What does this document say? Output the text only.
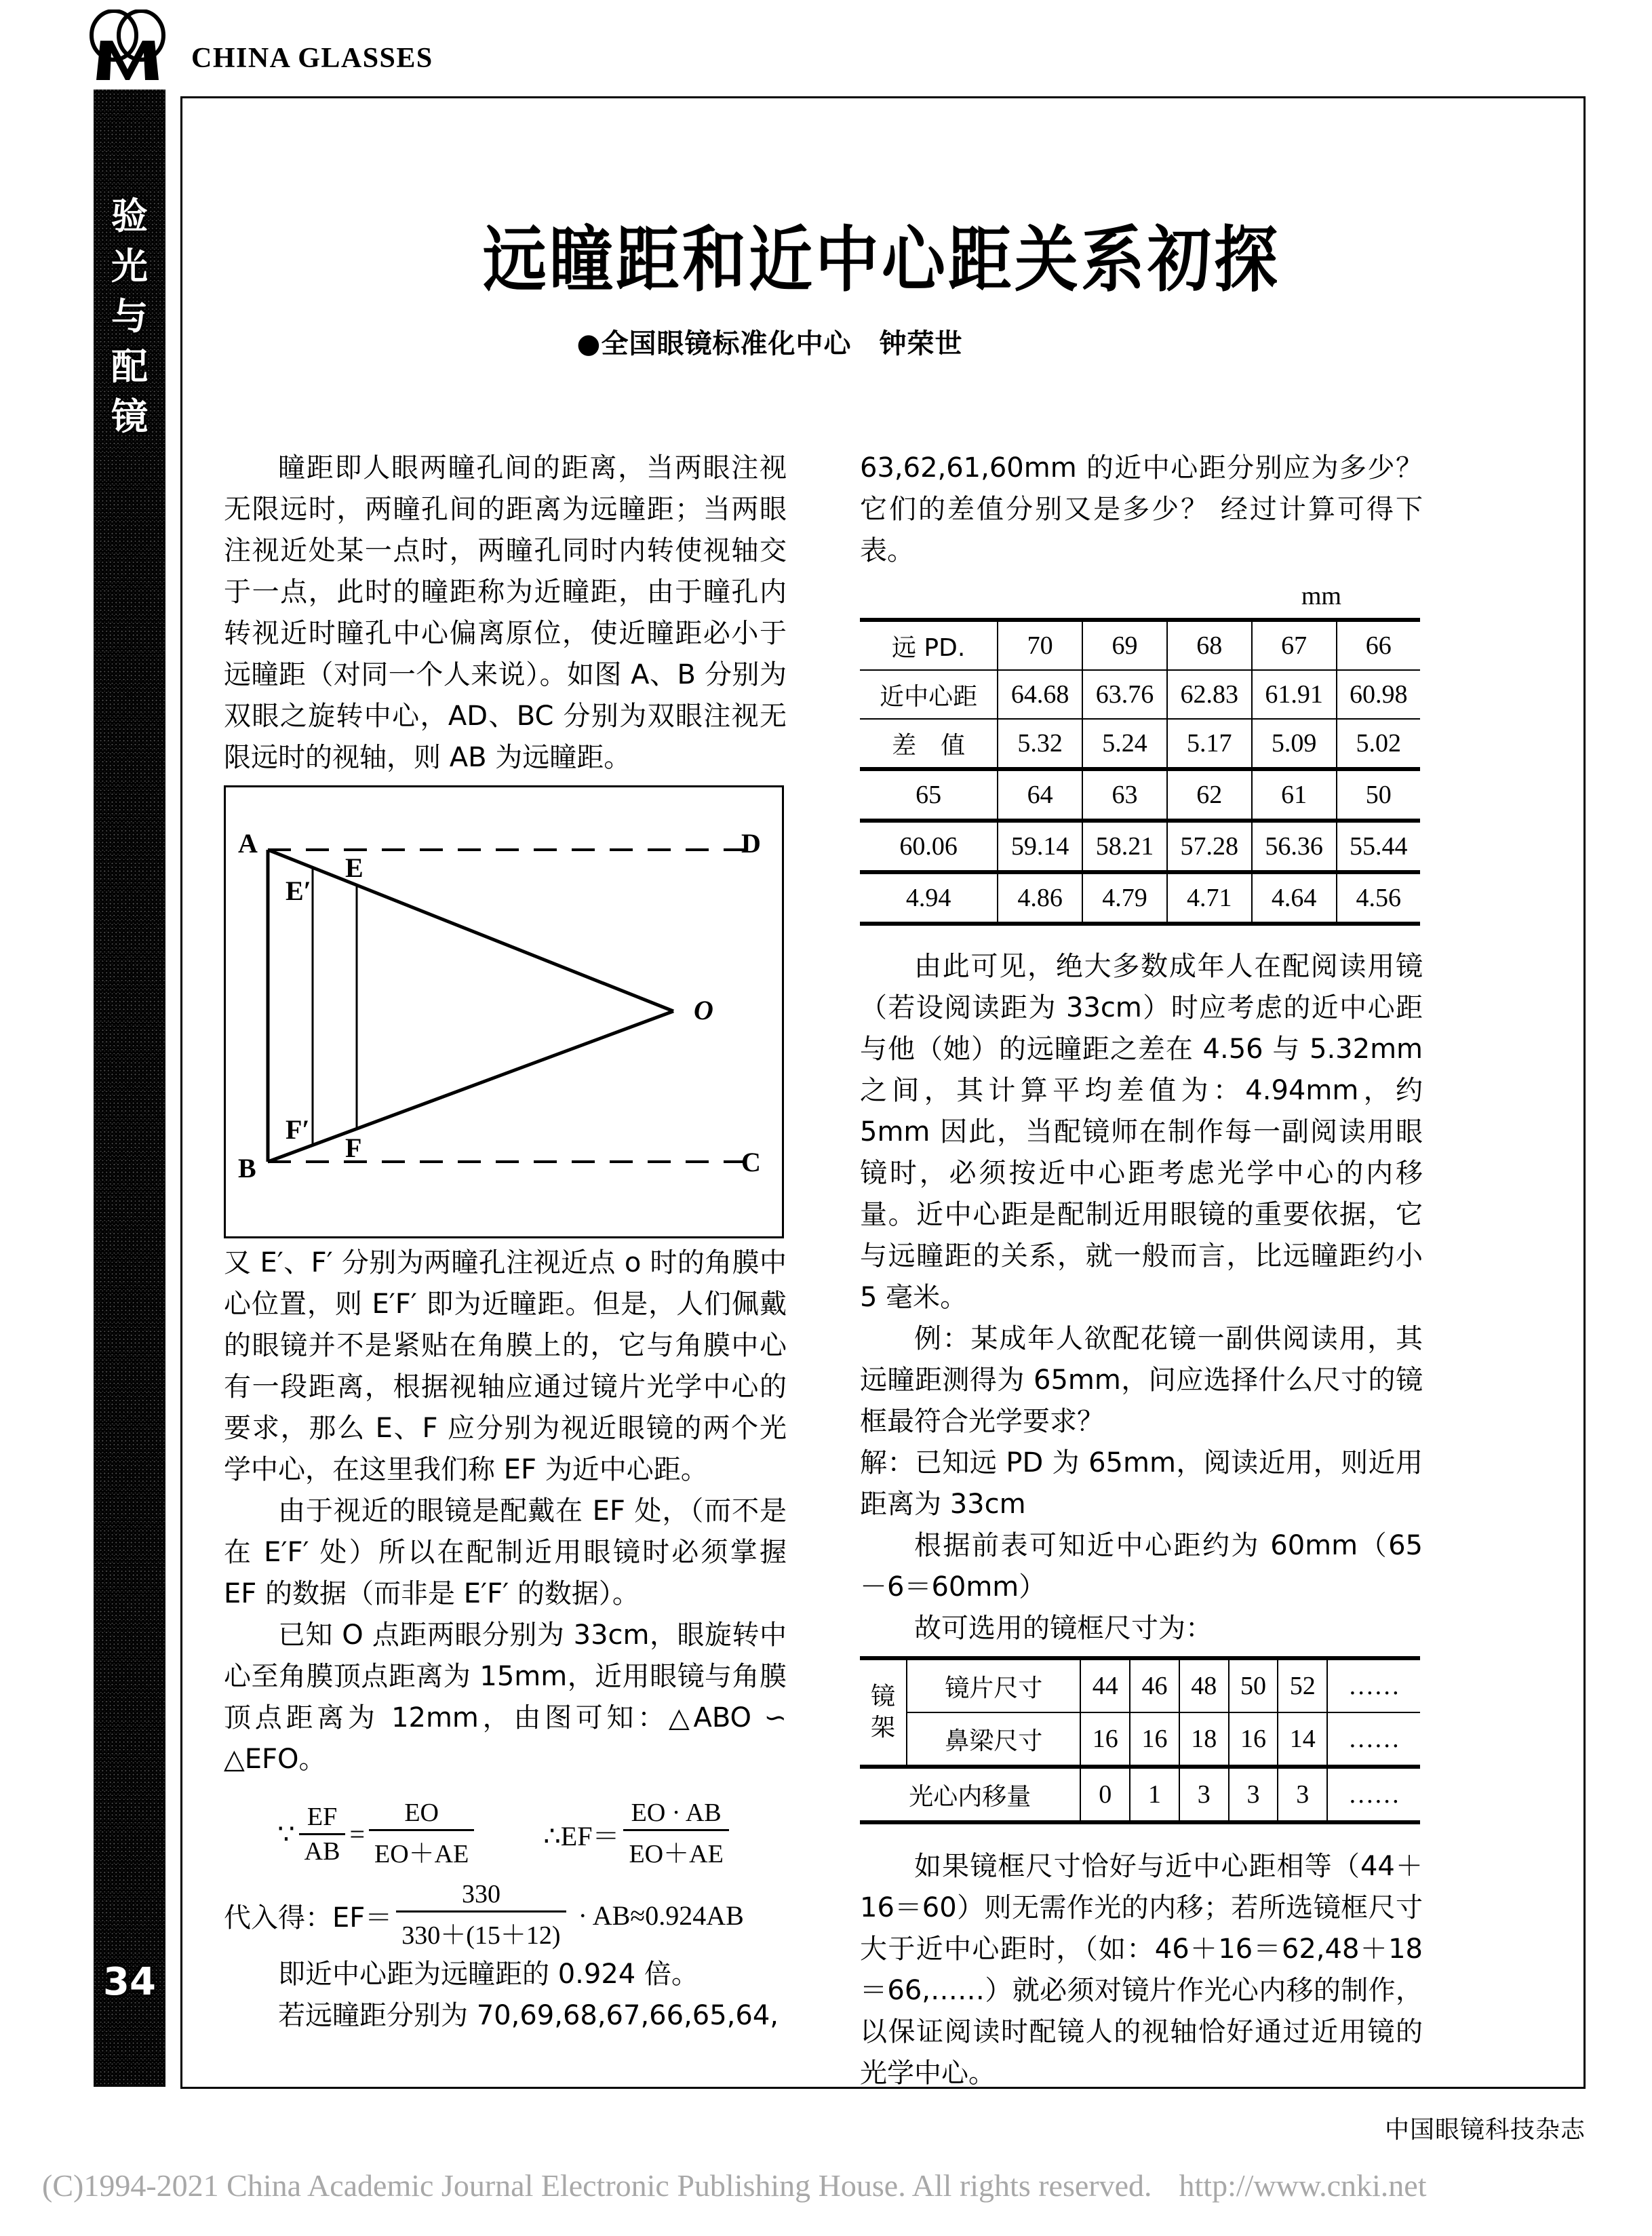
CHINA GLASSES
验
光
与
配
镜
34
远瞳距和近中心距关系初探
●全国眼镜标准化中心　钟荣世

瞳距即人眼两瞳孔间的距离，当两眼注视无限远时，两瞳孔间的距离为远瞳距；当两眼注视近处某一点时，两瞳孔同时内转使视轴交于一点，此时的瞳距称为近瞳距，由于瞳孔内转视近时瞳孔中心偏离原位，使近瞳距必小于远瞳距（对同一个人来说）。如图 A、B 分别为双眼之旋转中心，AD、BC 分别为双眼注视无限远时的视轴，则 AB 为远瞳距。

A
B
D
C
O
E
F
E′
F′

又 E′、F′ 分别为两瞳孔注视近点 o 时的角膜中心位置，则 E′F′ 即为近瞳距。但是，人们佩戴的眼镜并不是紧贴在角膜上的，它与角膜中心有一段距离，根据视轴应通过镜片光学中心的要求，那么 E、F 应分别为视近眼镜的两个光学中心，在这里我们称 EF 为近中心距。

由于视近的眼镜是配戴在 EF 处，（而不是在 E′F′ 处）所以在配制近用眼镜时必须掌握 EF 的数据（而非是 E′F′ 的数据）。

已知 O 点距两眼分别为 33cm，眼旋转中心至角膜顶点距离为 15mm，近用眼镜与角膜顶点距离为 12mm，由图可知：△ABO ∽ △EFO。

∵ $\frac{EF}{AB} = \frac{EO}{EO+AE}$	∴EF＝ $\frac{EO \cdot AB}{EO+AE}$
代入得：$EF= \frac{330}{330+(15+12)} \cdot AB\approx 0.924AB$

即近中心距为远瞳距的 0.924 倍。

若远瞳距分别为 70,69,68,67,66,65,64,

63,62,61,60mm 的近中心距分别应为多少？它们的差值分别又是多少？ 经过计算可得下表。

mm
远 PD.	70	69	68	67	66
近中心距	64.68	63.76	62.83	61.91	60.98
差　值	5.32	5.24	5.17	5.09	5.02
65	64	63	62	61	50
60.06	59.14	58.21	57.28	56.36	55.44
4.94	4.86	4.79	4.71	4.64	4.56

由此可见，绝大多数成年人在配阅读用镜（若设阅读距为 33cm）时应考虑的近中心距与他（她）的远瞳距之差在 4.56 与 5.32mm 之间，其计算平均差值为：4.94mm，约 5mm 因此，当配镜师在制作每一副阅读用眼镜时，必须按近中心距考虑光学中心的内移量。近中心距是配制近用眼镜的重要依据，它与远瞳距的关系，就一般而言，比远瞳距约小 5 毫米。

例：某成年人欲配花镜一副供阅读用，其远瞳距测得为 65mm，问应选择什么尺寸的镜框最符合光学要求？

解：已知远 PD 为 65mm，阅读近用，则近用距离为 33cm

根据前表可知近中心距约为 60mm（65－6＝60mm）

故可选用的镜框尺寸为：

镜架	镜片尺寸	44	46	48	50	52	……
	鼻梁尺寸	16	16	18	16	14	……
光心内移量		0	1	3	3	3	……

如果镜框尺寸恰好与近中心距相等（44＋16＝60）则无需作光的内移；若所选镜框尺寸大于近中心距时，（如：46＋16＝62,48＋18＝66,……）就必须对镜片作光心内移的制作，以保证阅读时配镜人的视轴恰好通过近用镜的光学中心。

中国眼镜科技杂志
(C)1994-2021 China Academic Journal Electronic Publishing House. All rights reserved. http://www.cnki.net
